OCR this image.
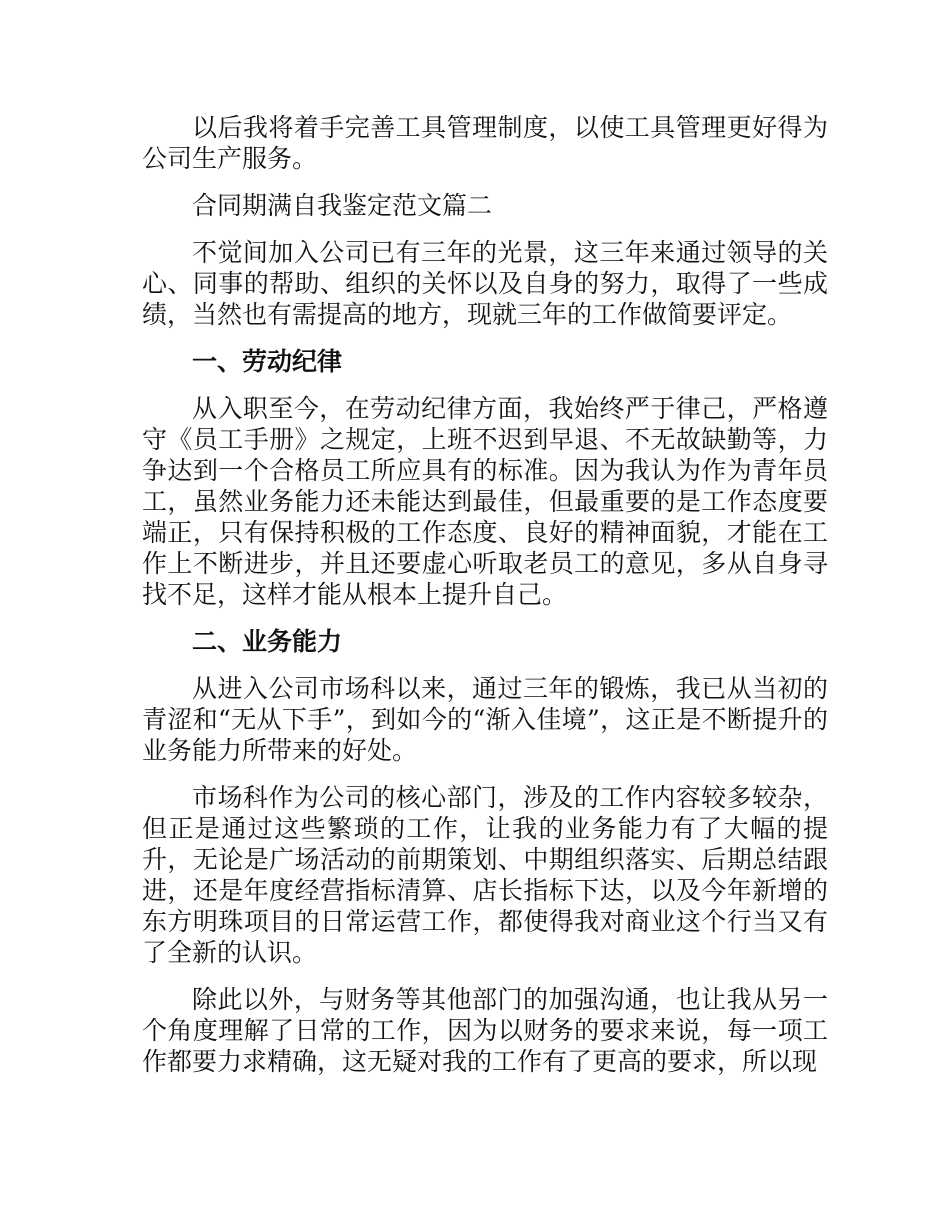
以后我将着手完善工具管理制度，以使工具管理更好得为公司生产服务。

合同期满自我鉴定范文篇二

不觉间加入公司已有三年的光景，这三年来通过领导的关心、同事的帮助、组织的关怀以及自身的努力，取得了一些成绩，当然也有需提高的地方，现就三年的工作做简要评定。

一、劳动纪律

从入职至今，在劳动纪律方面，我始终严于律己，严格遵守《员工手册》之规定，上班不迟到早退、不无故缺勤等，力争达到一个合格员工所应具有的标准。因为我认为作为青年员工，虽然业务能力还未能达到最佳，但最重要的是工作态度要端正，只有保持积极的工作态度、良好的精神面貌，才能在工作上不断进步，并且还要虚心听取老员工的意见，多从自身寻找不足，这样才能从根本上提升自己。

二、业务能力

从进入公司市场科以来，通过三年的锻炼，我已从当初的青涩和“无从下手”，到如今的“渐入佳境”，这正是不断提升的业务能力所带来的好处。

市场科作为公司的核心部门，涉及的工作内容较多较杂，但正是通过这些繁琐的工作，让我的业务能力有了大幅的提升，无论是广场活动的前期策划、中期组织落实、后期总结跟进，还是年度经营指标清算、店长指标下达，以及今年新增的东方明珠项目的日常运营工作，都使得我对商业这个行当又有了全新的认识。

除此以外，与财务等其他部门的加强沟通，也让我从另一个角度理解了日常的工作，因为以财务的要求来说，每一项工作都要力求精确，这无疑对我的工作有了更高的要求，所以现
